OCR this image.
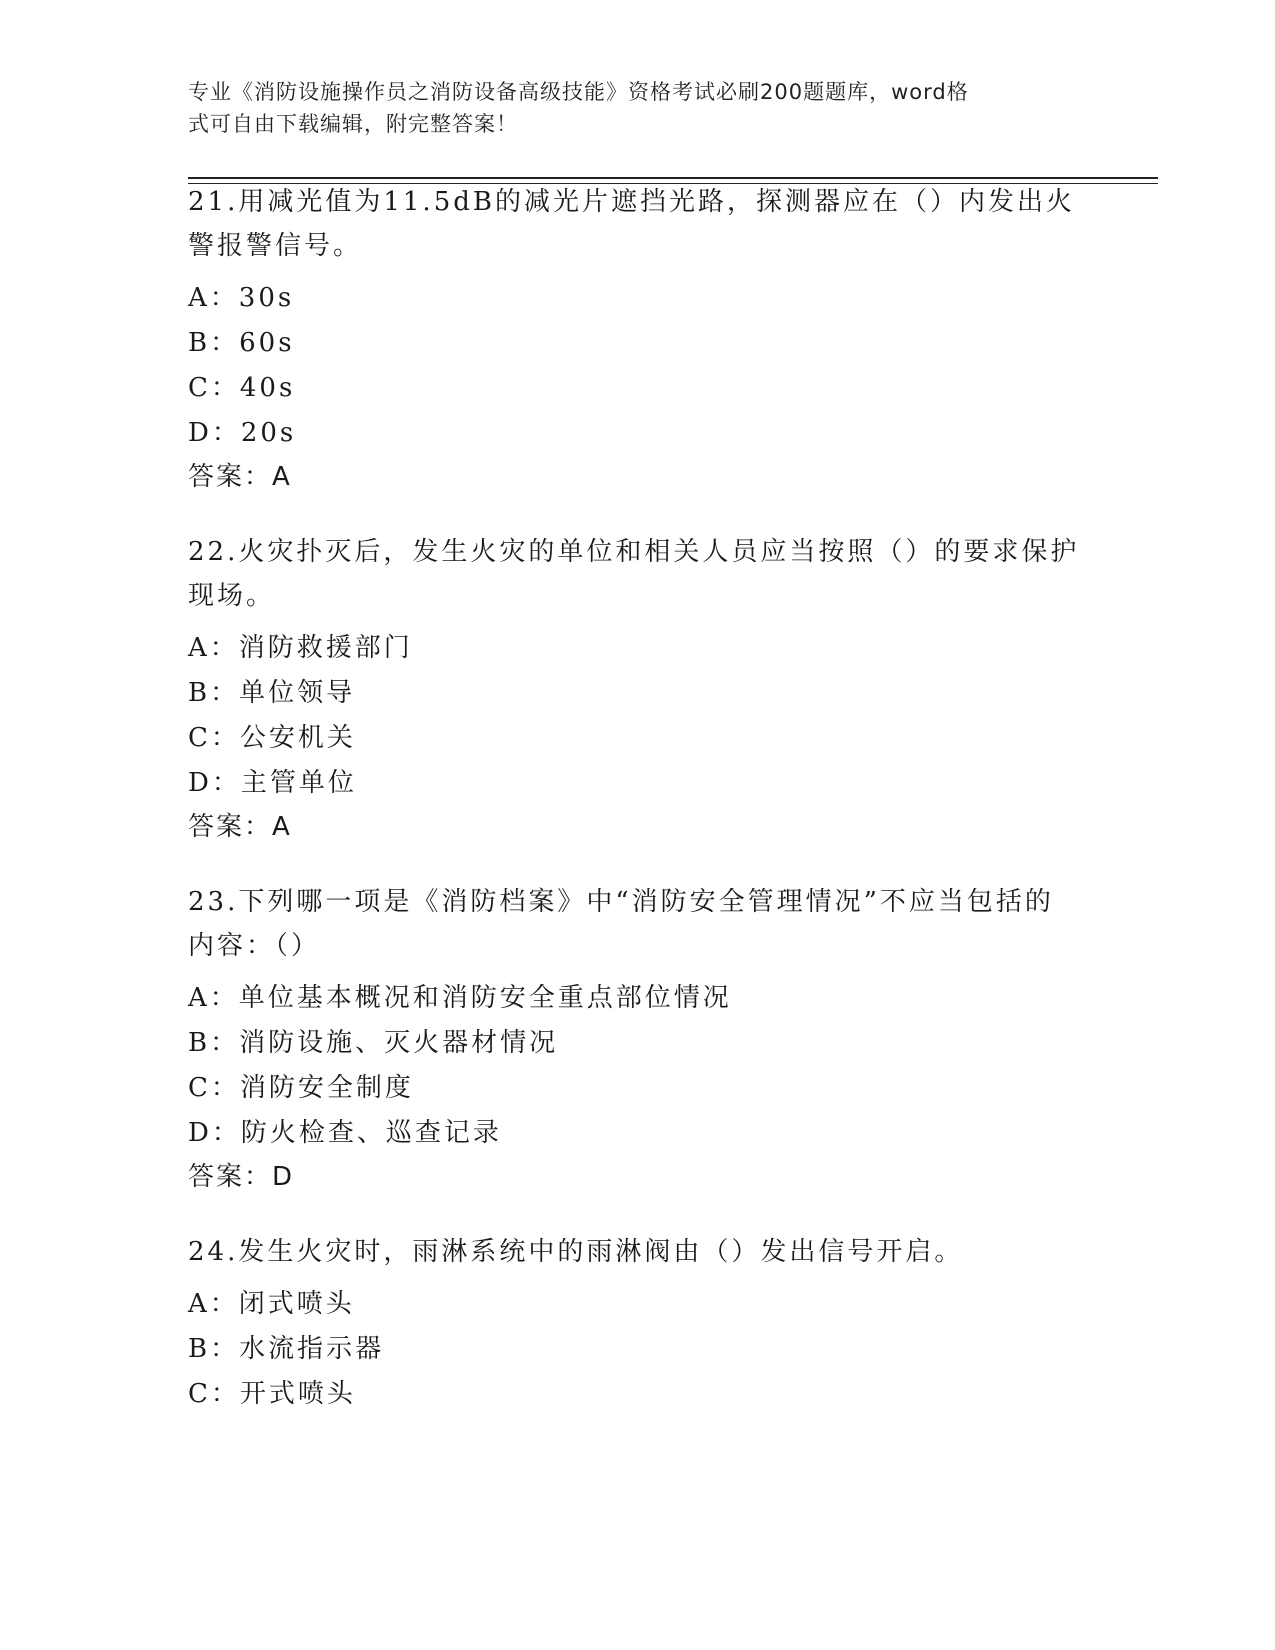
专业《消防设施操作员之消防设备高级技能》资格考试必刷200题题库，word格
式可自由下载编辑，附完整答案！
21.用减光值为11.5dB的减光片遮挡光路，探测器应在（）内发出火
警报警信号。
A：30s
B：60s
C：40s
D：20s
答案：A
22.火灾扑灭后，发生火灾的单位和相关人员应当按照（）的要求保护
现场。
A：消防救援部门
B：单位领导
C：公安机关
D：主管单位
答案：A
23.下列哪一项是《消防档案》中“消防安全管理情况”不应当包括的
内容：（）
A：单位基本概况和消防安全重点部位情况
B：消防设施、灭火器材情况
C：消防安全制度
D：防火检查、巡查记录
答案：D
24.发生火灾时，雨淋系统中的雨淋阀由（）发出信号开启。
A：闭式喷头
B：水流指示器
C：开式喷头
